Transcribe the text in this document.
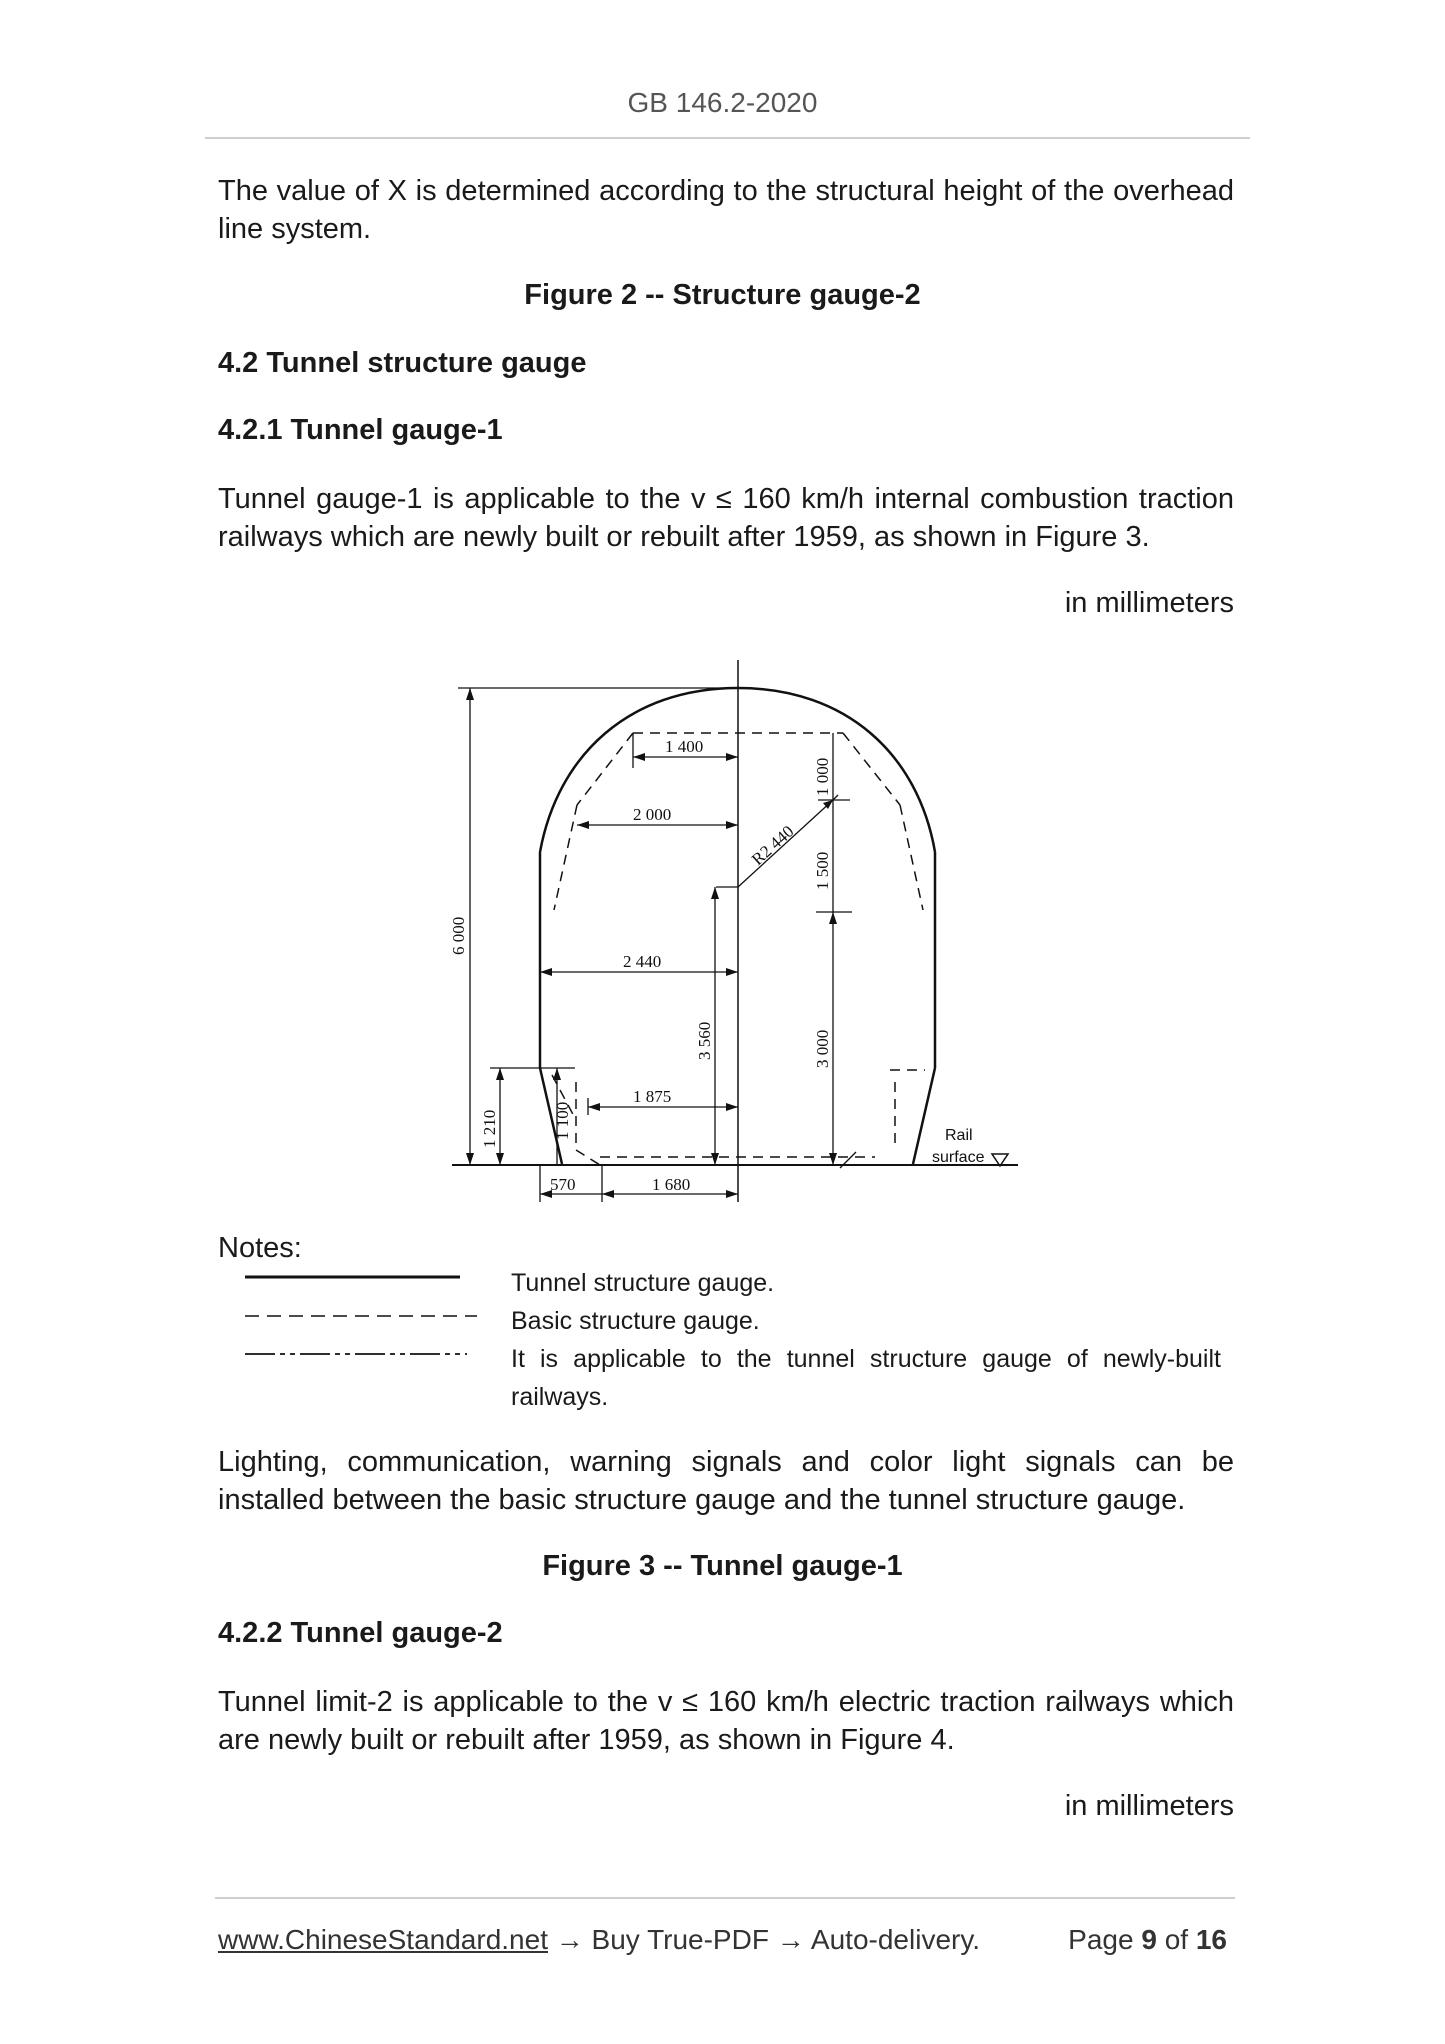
GB 146.2-2020
The value of X is determined according to the structural height of the overhead line system.
Figure 2 -- Structure gauge-2
4.2 Tunnel structure gauge
4.2.1 Tunnel gauge-1
Tunnel gauge-1 is applicable to the v ≤ 160 km/h internal combustion traction railways which are newly built or rebuilt after 1959, as shown in Figure 3.
in millimeters
6 000
1 400
1 000
2 000
R2 440
1 500
2 440
1 100
3 560	3 000
1 210
1 875
570	1 680
Rail
surface
Notes:
Tunnel structure gauge.
Basic structure gauge.
It is applicable to the tunnel structure gauge of newly-built railways.
Lighting, communication, warning signals and color light signals can be installed between the basic structure gauge and the tunnel structure gauge.
Figure 3 -- Tunnel gauge-1
4.2.2 Tunnel gauge-2
Tunnel limit-2 is applicable to the v ≤ 160 km/h electric traction railways which are newly built or rebuilt after 1959, as shown in Figure 4.
in millimeters
www.ChineseStandard.net → Buy True-PDF → Auto-delivery.	Page 9 of 16
